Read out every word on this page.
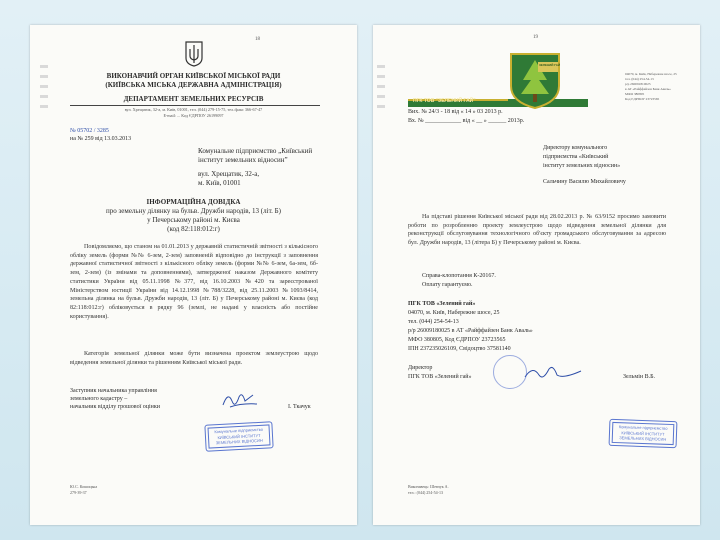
18
ВИКОНАВЧИЙ ОРГАН КИЇВСЬКОЇ МІСЬКОЇ РАДИ
(КИЇВСЬКА МІСЬКА ДЕРЖАВНА АДМІНІСТРАЦІЯ)
ДЕПАРТАМЕНТ ЗЕМЕЛЬНИХ РЕСУРСІВ
вул. Хрещатик, 32-а, м. Київ, 01001, тел. (044) 279-15-75, тел./факс 366-67-47
E-mail: ... Код ЄДРПОУ 26199097
№ 05702 / 3285
на № 259 від 13.03.2013
Комунальне підприємство „Київський
інститут земельних відносин”
вул. Хрещатик, 32-а,
м. Київ, 01001
ІНФОРМАЦІЙНА ДОВІДКА
про земельну ділянку на бульв. Дружби народів, 13 (літ. Б)
у Печерському районі м. Києва
(код 82:118:012:г)
Повідомляємо, що станом на 01.01.2013 у державній статистичній звітності з кількісного обліку земель (форми №№ 6-зем, 2-зем) заповненій відповідно до інструкції з заповнення державної статистичної звітності з кількісного обліку земель (форми №№ 6-зем, 6а-зем, 6б-зем, 2-зем) (із змінами та доповненнями), затвердженої наказом Державного комітету статистики України від 05.11.1998 №377, від 16.10.2003 №420 та зареєстрованої Міністерством юстиції України від 14.12.1998 №788/3228, від 25.11.2003 №1093/8414, земельна ділянка на бульв. Дружби народів, 13 (літ. Б) у Печерському районі м. Києва (код 82:118:012:г) обліковується в рядку 96 (землі, не надані у власність або постійне користування).
Категорія земельної ділянки може бути визначена проектом землеустрою щодо відведення земельної ділянки та рішенням Київської міської ради.
Заступник начальника управління
земельного кадастру –
начальник відділу грошової оцінки	І. Ткачук
Комунальне підприємство
КИЇВСЬКИЙ ІНСТИТУТ
ЗЕМЕЛЬНИХ ВІДНОСИН
Ю.С. Кошицька
279-39-37
19
ПГК ТОВ "ЗЕЛЕНИЙ ГАЙ"
ЗЕЛЕНИЙ ГАЙ
04070, м. Київ, Набережне шосе, 25
тел. (044) 254-54-13
р/р 260091810025
в АТ «Райффайзен Банк Аваль»
МФО 380805
Код ЄДРПОУ 23723565
Вих. № 24/3 - 18 від « 14 » 03 2013 р.
Вх. № ____________ від « __ » ______ 2013р.
Директору комунального
підприємства «Київський
інститут земельних відносин»
Сальчину Василю Михайловичу
На підставі рішення Київської міської ради від 28.02.2013 р. № 63/9152 просимо замовити роботи по розробленню проекту землеустрою щодо відведення земельної ділянки для реконструкції обслуговування технологічного об'єкту громадського обслуговування за адресою бул. Дружби народів, 13 (літера Б) у Печерському районі м. Києва.
Справа-клопотання К-20167.
Оплату гарантуємо.
ПГК ТОВ «Зелений гай»
04070, м. Київ, Набережне шосе, 25
тел. (044) 254-54-13
р/р 26009180025 в АТ «Райффайзен Банк Аваль»
МФО 380805, Код ЄДРПОУ 23723565
ІПН 237235026109, Свідоцтво 37581140
Директор
ПГК ТОВ «Зелений гай»	Зельмін В.Б.
Комунальне підприємство
КИЇВСЬКИЙ ІНСТИТУТ
ЗЕМЕЛЬНИХ ВІДНОСИН
Виконавець: Шевчук А.
тел.: (044) 254-54-13
